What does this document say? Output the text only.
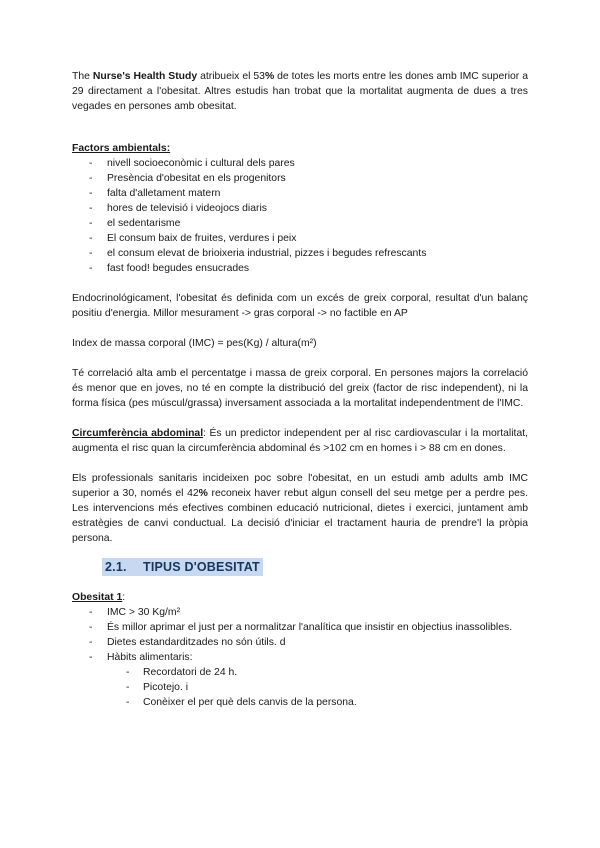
The Nurse's Health Study atribueix el 53% de totes les morts entre les dones amb IMC superior a 29 directament a l'obesitat. Altres estudis han trobat que la mortalitat augmenta de dues a tres vegades en persones amb obesitat.

Factors ambientals:

- nivell socioeconòmic i cultural dels pares
- Presència d'obesitat en els progenitors
- falta d'alletament matern
- hores de televisió i videojocs diaris
- el sedentarisme
- El consum baix de fruites, verdures i peix
- el consum elevat de brioixeria industrial, pizzes i begudes refrescants
- fast food! begudes ensucrades

Endocrinológicament, l'obesitat és definida com un excés de greix corporal, resultat d'un balanç positiu d'energia. Millor mesurament -> gras corporal -> no factible en AP

Index de massa corporal (IMC) = pes(Kg) / altura(m²)

Té correlació alta amb el percentatge i massa de greix corporal. En persones majors la correlació és menor que en joves, no té en compte la distribució del greix (factor de risc independent), ni la forma física (pes múscul/grassa) inversament associada a la mortalitat independentment de l'IMC.

Circumferència abdominal: És un predictor independent per al risc cardiovascular i la mortalitat, augmenta el risc quan la circumferència abdominal és >102 cm en homes i > 88 cm en dones.

Els professionals sanitaris incideixen poc sobre l'obesitat, en un estudi amb adults amb IMC superior a 30, només el 42% reconeix haver rebut algun consell del seu metge per a perdre pes. Les intervencions més efectives combinen educació nutricional, dietes i exercici, juntament amb estratègies de canvi conductual. La decisió d'iniciar el tractament hauria de prendre'l la pròpia persona.

2.1. TIPUS D'OBESITAT

Obesitat 1:

- IMC > 30 Kg/m²
- És millor aprimar el just per a normalitzar l'analítica que insistir en objectius inassolibles.
- Dietes estandarditzades no són útils. d
- Hàbits alimentaris:
- Recordatori de 24 h.
- Picotejo. i
- Conèixer el per què dels canvis de la persona.
